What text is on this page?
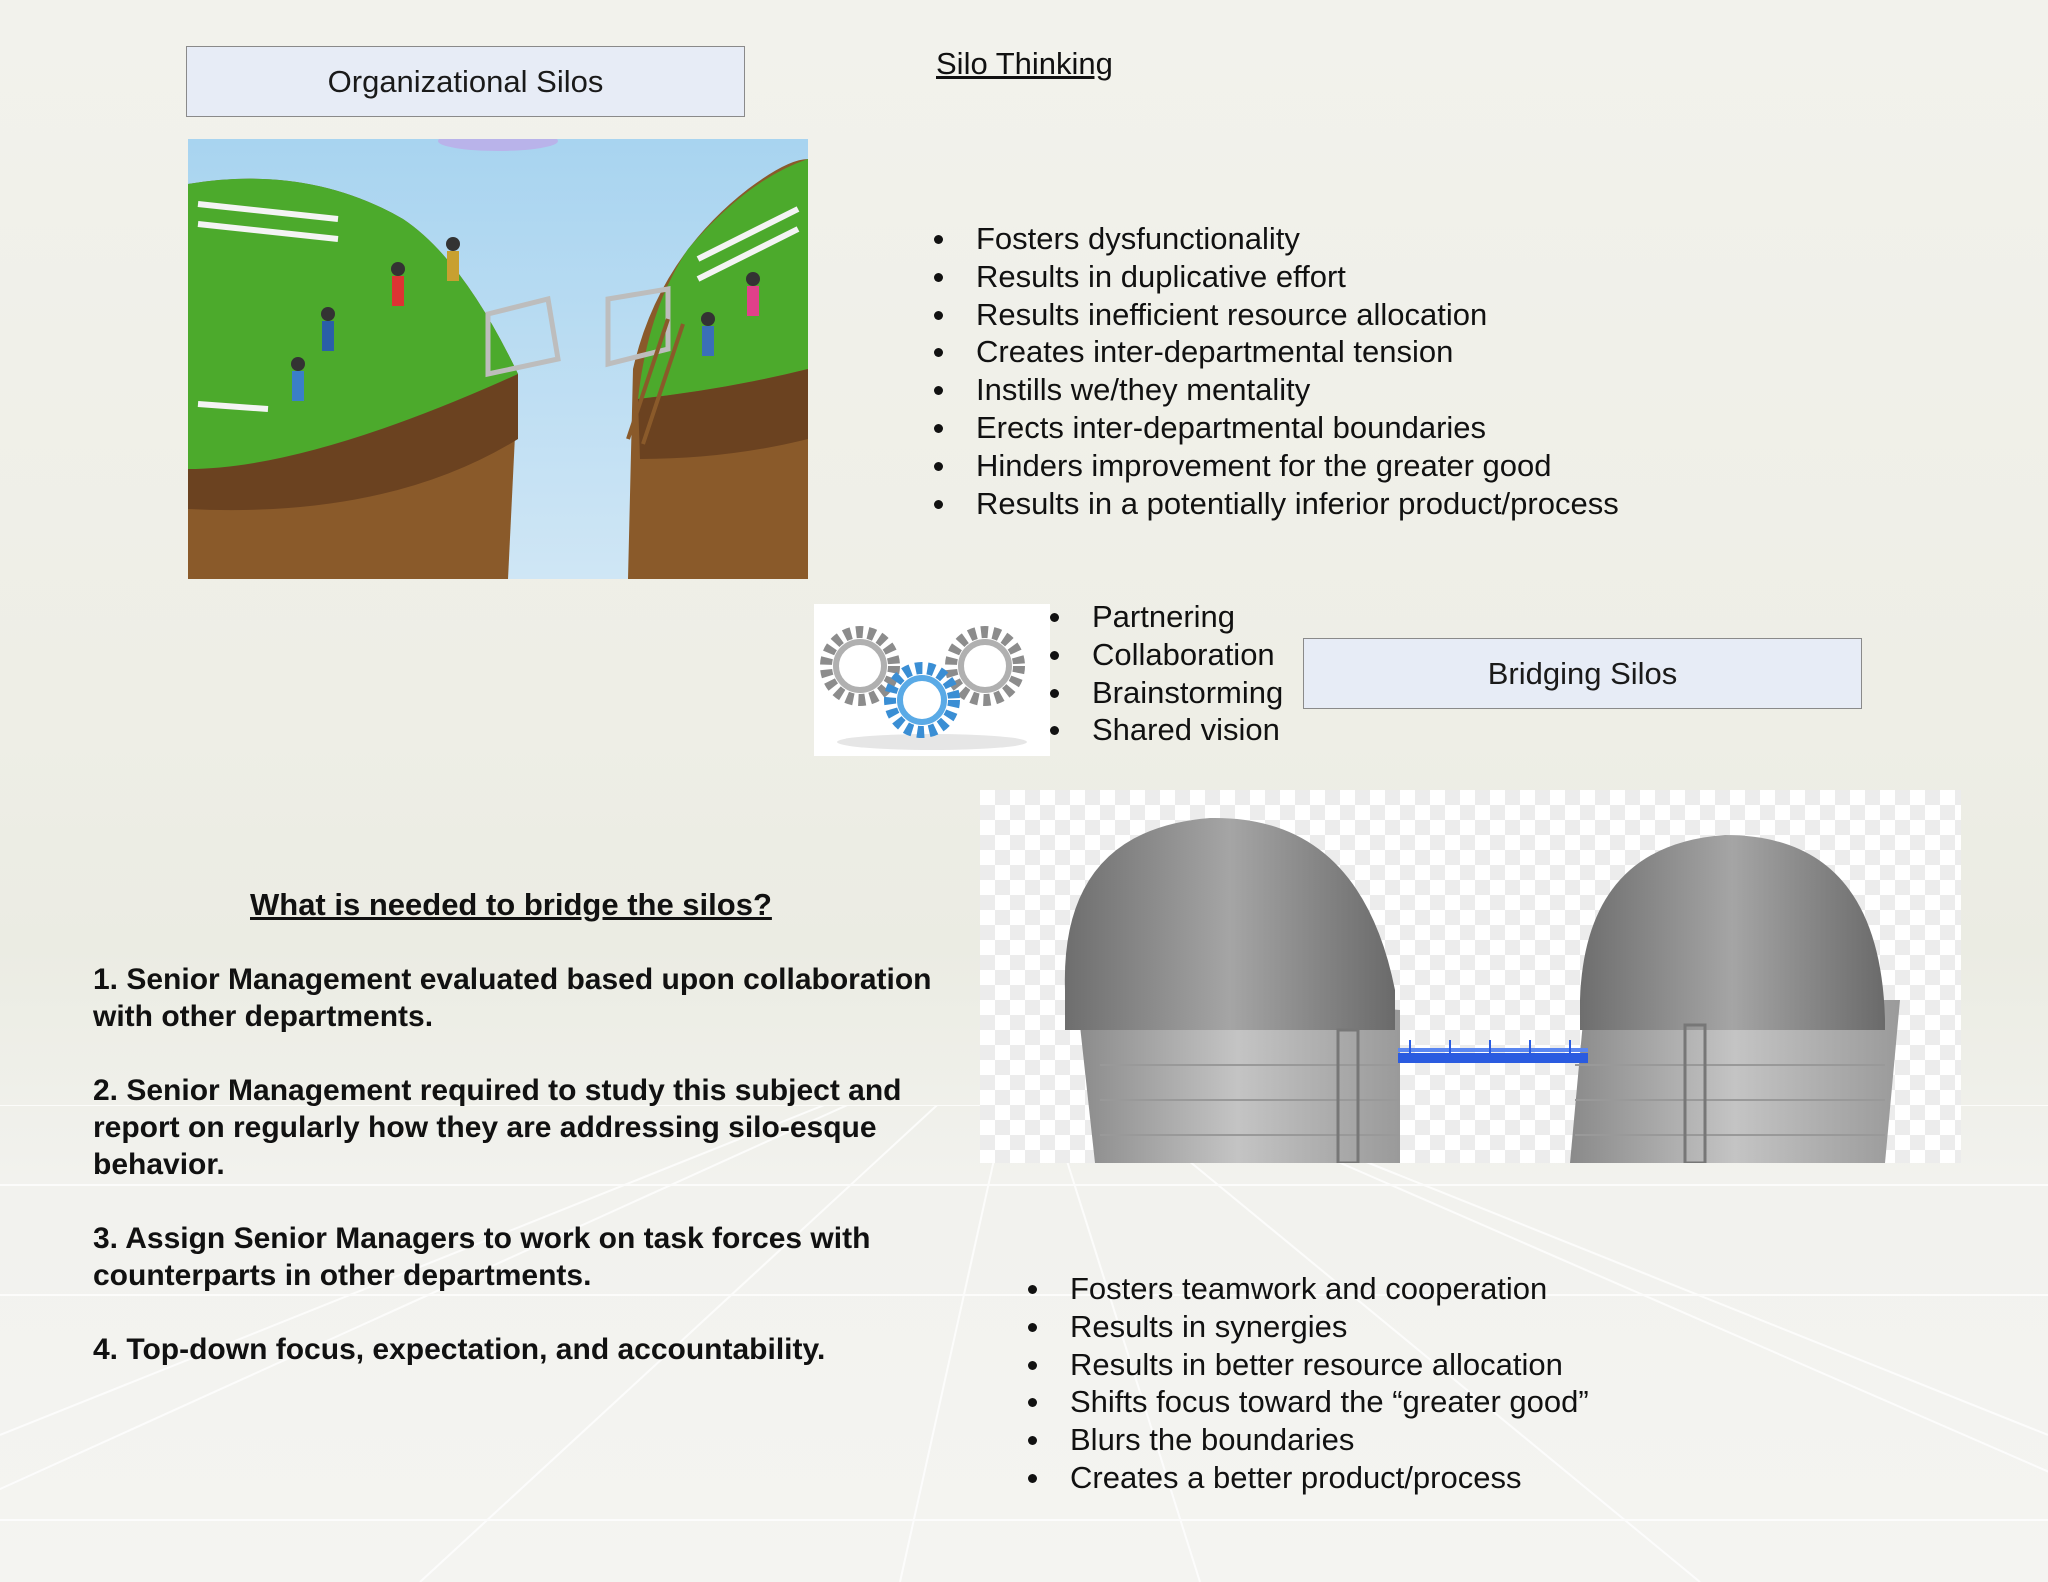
Organizational Silos	Silo Thinking
Fosters dysfunctionality
Results in duplicative effort
Results inefficient resource allocation
Creates inter-departmental tension
Instills we/they mentality
Erects inter-departmental boundaries
Hinders improvement for the greater good
Results in a potentially inferior product/process
Partnering
Collaboration
Brainstorming
Shared vision
Bridging Silos
What is needed to bridge the silos?

1. Senior Management evaluated based upon collaboration with other departments.

2. Senior Management required to study this subject and report on regularly how they are addressing silo-esque behavior.

3. Assign Senior Managers to work on task forces with counterparts in other departments.

4. Top-down focus, expectation, and accountability.

Fosters teamwork and cooperation
Results in synergies
Results in better resource allocation
Shifts focus toward the “greater good”
Blurs the boundaries
Creates a better product/process
